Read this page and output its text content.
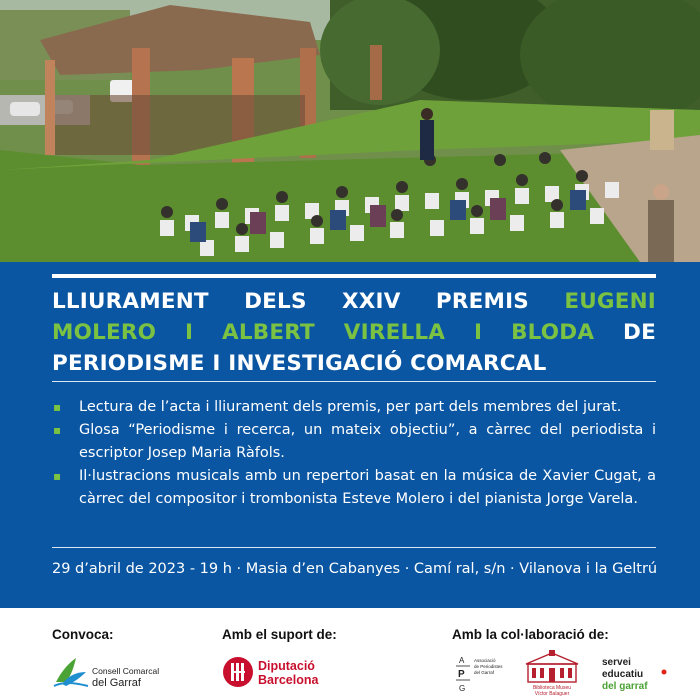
LLIURAMENT DELS XXIV PREMIS EUGENI MOLERO I ALBERT VIRELLA I BLODA DE PERIODISME I INVESTIGACIÓ COMARCAL
▪ Lectura de l’acta i lliurament dels premis, per part dels membres del jurat.
▪ Glosa “Periodisme i recerca, un mateix objectiu”, a càrrec del periodista i escriptor Josep Maria Ràfols.
▪ Il·lustracions musicals amb un repertori basat en la música de Xavier Cugat, a càrrec del compositor i trombonista Esteve Molero i del pianista Jorge Varela.

29 d’abril de 2023 - 19 h · Masia d’en Cabanyes · Camí ral, s/n · Vilanova i la Geltrú

Convoca:	Amb el suport de:	Amb la col·laboració de:
Consell Comarcal
del Garraf
Diputació
Barcelona
A
P
G
Associació
de Periodistes
del Garraf
Biblioteca Museu
Víctor Balaguer
servei
educatiu
del garraf
